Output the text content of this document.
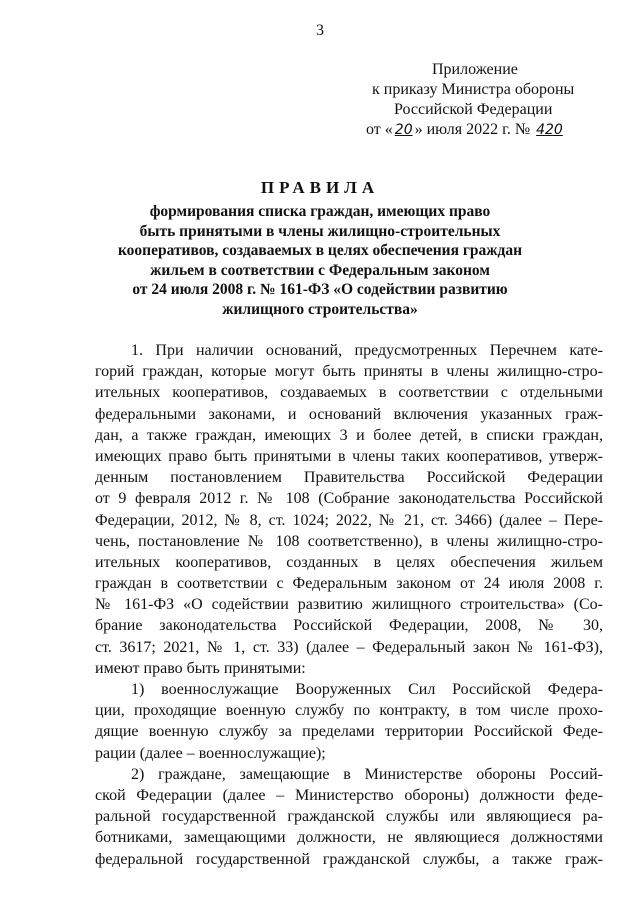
3
Приложение
к приказу Министра обороны
Российской Федерации
от « 20 » июля 2022 г. № 420
ПРАВИЛА
формирования списка граждан, имеющих право
быть принятыми в члены жилищно-строительных
кооперативов, создаваемых в целях обеспечения граждан
жильем в соответствии с Федеральным законом
от 24 июля 2008 г. № 161-ФЗ «О содействии развитию
жилищного строительства»
1. При наличии оснований, предусмотренных Перечнем кате-
горий граждан, которые могут быть приняты в члены жилищно-стро-
ительных кооперативов, создаваемых в соответствии с отдельными
федеральными законами, и оснований включения указанных граж-
дан, а также граждан, имеющих 3 и более детей, в списки граждан,
имеющих право быть принятыми в члены таких кооперативов, утверж-
денным постановлением Правительства Российской Федерации
от 9 февраля 2012 г. № 108 (Собрание законодательства Российской
Федерации, 2012, № 8, ст. 1024; 2022, № 21, ст. 3466) (далее – Пере-
чень, постановление № 108 соответственно), в члены жилищно-стро-
ительных кооперативов, созданных в целях обеспечения жильем
граждан в соответствии с Федеральным законом от 24 июля 2008 г.
№ 161-ФЗ «О содействии развитию жилищного строительства» (Со-
брание законодательства Российской Федерации, 2008, № 30,
ст. 3617; 2021, № 1, ст. 33) (далее – Федеральный закон № 161-ФЗ),
имеют право быть принятыми:
1) военнослужащие Вооруженных Сил Российской Федера-
ции, проходящие военную службу по контракту, в том числе прохо-
дящие военную службу за пределами территории Российской Феде-
рации (далее – военнослужащие);
2) граждане, замещающие в Министерстве обороны Россий-
ской Федерации (далее – Министерство обороны) должности феде-
ральной государственной гражданской службы или являющиеся ра-
ботниками, замещающими должности, не являющиеся должностями
федеральной государственной гражданской службы, а также граж-
